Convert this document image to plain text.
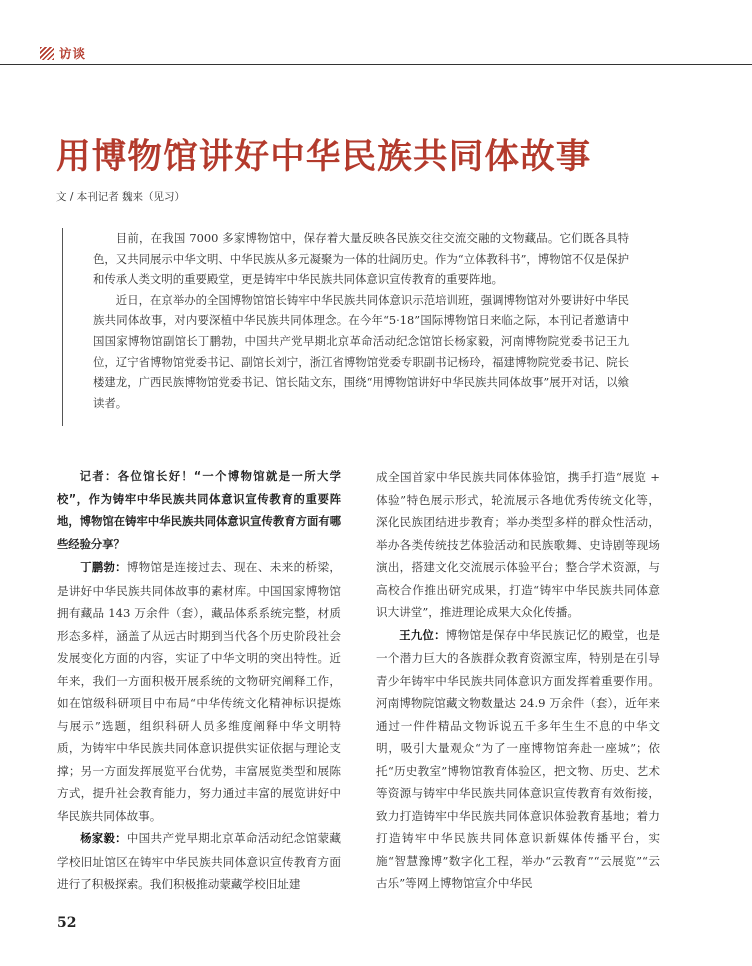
访谈
用博物馆讲好中华民族共同体故事
文 / 本刊记者 魏来（见习）

目前，在我国 7000 多家博物馆中，保存着大量反映各民族交往交流交融的文物藏品。它们既各具特色，又共同展示中华文明、中华民族从多元凝聚为一体的壮阔历史。作为“立体教科书”，博物馆不仅是保护和传承人类文明的重要殿堂，更是铸牢中华民族共同体意识宣传教育的重要阵地。

近日，在京举办的全国博物馆馆长铸牢中华民族共同体意识示范培训班，强调博物馆对外要讲好中华民族共同体故事，对内要深植中华民族共同体理念。在今年“5·18”国际博物馆日来临之际，本刊记者邀请中国国家博物馆副馆长丁鹏勃，中国共产党早期北京革命活动纪念馆馆长杨家毅，河南博物院党委书记王九位，辽宁省博物馆党委书记、副馆长刘宁，浙江省博物馆党委专职副书记杨玲，福建博物院党委书记、院长楼建龙，广西民族博物馆党委书记、馆长陆文东，围绕“用博物馆讲好中华民族共同体故事”展开对话，以飨读者。

记者：各位馆长好！“一个博物馆就是一所大学校”，作为铸牢中华民族共同体意识宣传教育的重要阵地，博物馆在铸牢中华民族共同体意识宣传教育方面有哪些经验分享？

丁鹏勃：博物馆是连接过去、现在、未来的桥梁，是讲好中华民族共同体故事的素材库。中国国家博物馆拥有藏品 143 万余件（套），藏品体系系统完整，材质形态多样，涵盖了从远古时期到当代各个历史阶段社会发展变化方面的内容，实证了中华文明的突出特性。近年来，我们一方面积极开展系统的文物研究阐释工作，如在馆级科研项目中布局“中华传统文化精神标识提炼与展示”选题，组织科研人员多维度阐释中华文明特质，为铸牢中华民族共同体意识提供实证依据与理论支撑；另一方面发挥展览平台优势，丰富展览类型和展陈方式，提升社会教育能力，努力通过丰富的展览讲好中华民族共同体故事。

杨家毅：中国共产党早期北京革命活动纪念馆蒙藏学校旧址馆区在铸牢中华民族共同体意识宣传教育方面进行了积极探索。我们积极推动蒙藏学校旧址建

成全国首家中华民族共同体体验馆，携手打造“展览 + 体验”特色展示形式，轮流展示各地优秀传统文化等，深化民族团结进步教育；举办类型多样的群众性活动，举办各类传统技艺体验活动和民族歌舞、史诗剧等现场演出，搭建文化交流展示体验平台；整合学术资源，与高校合作推出研究成果，打造“铸牢中华民族共同体意识大讲堂”，推进理论成果大众化传播。

王九位：博物馆是保存中华民族记忆的殿堂，也是一个潜力巨大的各族群众教育资源宝库，特别是在引导青少年铸牢中华民族共同体意识方面发挥着重要作用。河南博物院馆藏文物数量达 24.9 万余件（套），近年来通过一件件精品文物诉说五千多年生生不息的中华文明，吸引大量观众“为了一座博物馆奔赴一座城”；依托“历史教室”博物馆教育体验区，把文物、历史、艺术等资源与铸牢中华民族共同体意识宣传教育有效衔接，致力打造铸牢中华民族共同体意识体验教育基地；着力打造铸牢中华民族共同体意识新媒体传播平台，实施“智慧豫博”数字化工程，举办“云教育”“云展览”“云古乐”等网上博物馆宣介中华民

52
